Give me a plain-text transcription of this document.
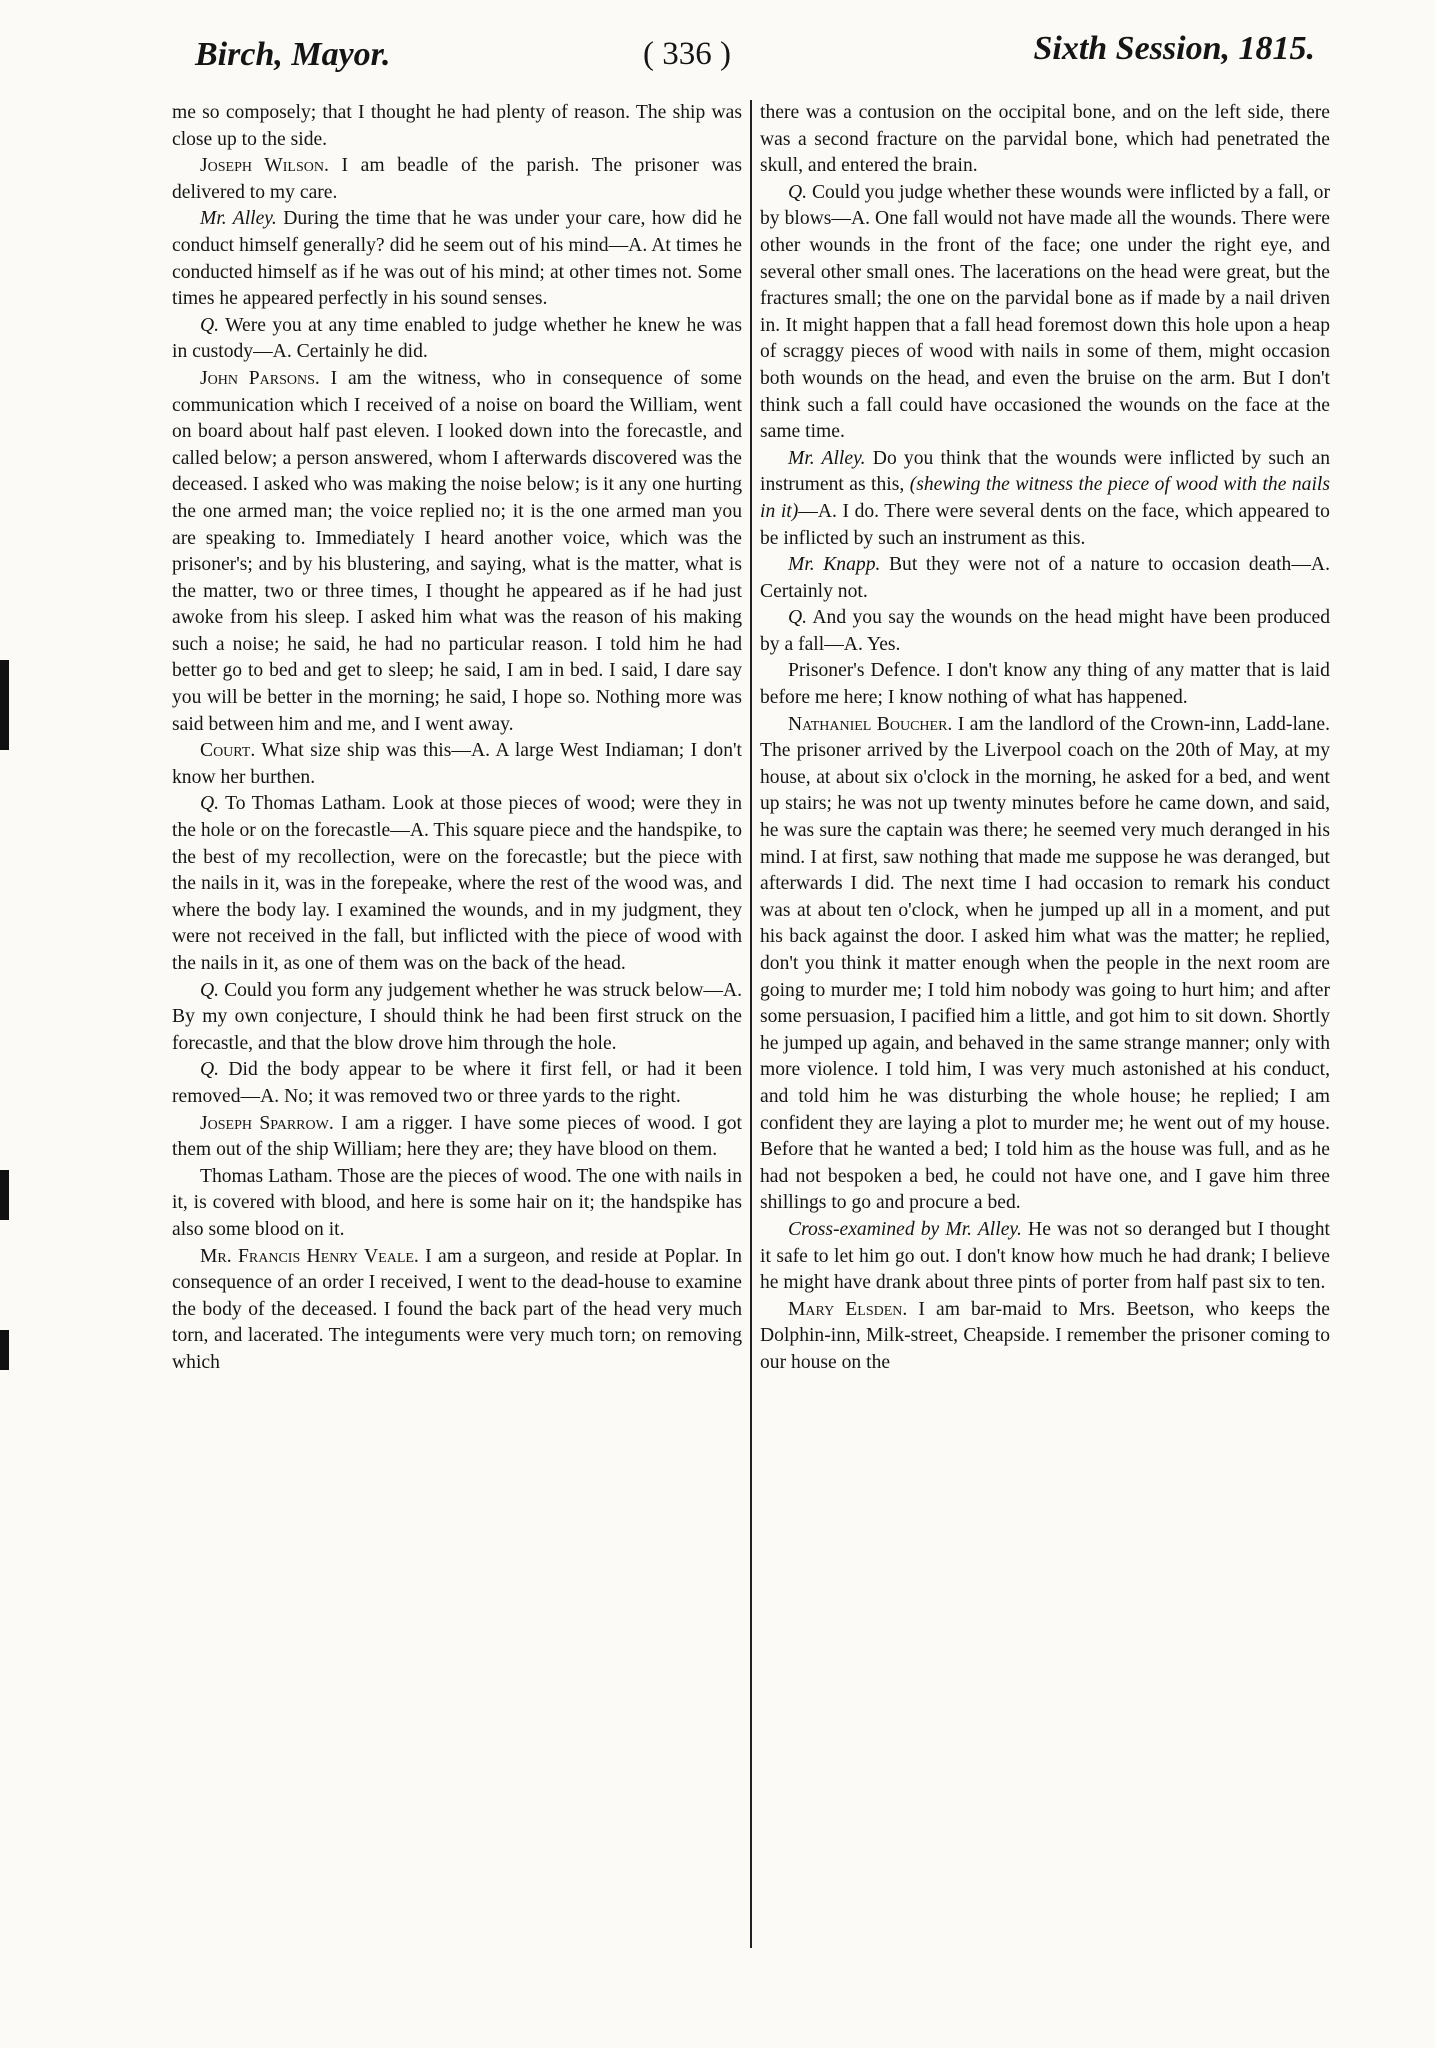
Birch, Mayor.	( 336 )	Sixth Session, 1815.

me so composely; that I thought he had plenty of reason. The ship was close up to the side.

Joseph Wilson. I am beadle of the parish. The prisoner was delivered to my care.

Mr. Alley. During the time that he was under your care, how did he conduct himself generally? did he seem out of his mind—A. At times he conducted himself as if he was out of his mind; at other times not. Some times he appeared perfectly in his sound senses.

Q. Were you at any time enabled to judge whether he knew he was in custody—A. Certainly he did.

John Parsons. I am the witness, who in consequence of some communication which I received of a noise on board the William, went on board about half past eleven. I looked down into the forecastle, and called below; a person answered, whom I afterwards discovered was the deceased. I asked who was making the noise below; is it any one hurting the one armed man; the voice replied no; it is the one armed man you are speaking to. Immediately I heard another voice, which was the prisoner's; and by his blustering, and saying, what is the matter, what is the matter, two or three times, I thought he appeared as if he had just awoke from his sleep. I asked him what was the reason of his making such a noise; he said, he had no particular reason. I told him he had better go to bed and get to sleep; he said, I am in bed. I said, I dare say you will be better in the morning; he said, I hope so. Nothing more was said between him and me, and I went away.

Court. What size ship was this—A. A large West Indiaman; I don't know her burthen.

Q. To Thomas Latham. Look at those pieces of wood; were they in the hole or on the forecastle—A. This square piece and the handspike, to the best of my recollection, were on the forecastle; but the piece with the nails in it, was in the forepeake, where the rest of the wood was, and where the body lay. I examined the wounds, and in my judgment, they were not received in the fall, but inflicted with the piece of wood with the nails in it, as one of them was on the back of the head.

Q. Could you form any judgement whether he was struck below—A. By my own conjecture, I should think he had been first struck on the forecastle, and that the blow drove him through the hole.

Q. Did the body appear to be where it first fell, or had it been removed—A. No; it was removed two or three yards to the right.

Joseph Sparrow. I am a rigger. I have some pieces of wood. I got them out of the ship William; here they are; they have blood on them.

Thomas Latham. Those are the pieces of wood. The one with nails in it, is covered with blood, and here is some hair on it; the handspike has also some blood on it.

Mr. Francis Henry Veale. I am a surgeon, and reside at Poplar. In consequence of an order I received, I went to the dead-house to examine the body of the deceased. I found the back part of the head very much torn, and lacerated. The integuments were very much torn; on removing which

there was a contusion on the occipital bone, and on the left side, there was a second fracture on the parvidal bone, which had penetrated the skull, and entered the brain.

Q. Could you judge whether these wounds were inflicted by a fall, or by blows—A. One fall would not have made all the wounds. There were other wounds in the front of the face; one under the right eye, and several other small ones. The lacerations on the head were great, but the fractures small; the one on the parvidal bone as if made by a nail driven in. It might happen that a fall head foremost down this hole upon a heap of scraggy pieces of wood with nails in some of them, might occasion both wounds on the head, and even the bruise on the arm. But I don't think such a fall could have occasioned the wounds on the face at the same time.

Mr. Alley. Do you think that the wounds were inflicted by such an instrument as this, (shewing the witness the piece of wood with the nails in it)—A. I do. There were several dents on the face, which appeared to be inflicted by such an instrument as this.

Mr. Knapp. But they were not of a nature to occasion death—A. Certainly not.

Q. And you say the wounds on the head might have been produced by a fall—A. Yes.

Prisoner's Defence. I don't know any thing of any matter that is laid before me here; I know nothing of what has happened.

Nathaniel Boucher. I am the landlord of the Crown-inn, Ladd-lane. The prisoner arrived by the Liverpool coach on the 20th of May, at my house, at about six o'clock in the morning, he asked for a bed, and went up stairs; he was not up twenty minutes before he came down, and said, he was sure the captain was there; he seemed very much deranged in his mind. I at first, saw nothing that made me suppose he was deranged, but afterwards I did. The next time I had occasion to remark his conduct was at about ten o'clock, when he jumped up all in a moment, and put his back against the door. I asked him what was the matter; he replied, don't you think it matter enough when the people in the next room are going to murder me; I told him nobody was going to hurt him; and after some persuasion, I pacified him a little, and got him to sit down. Shortly he jumped up again, and behaved in the same strange manner; only with more violence. I told him, I was very much astonished at his conduct, and told him he was disturbing the whole house; he replied; I am confident they are laying a plot to murder me; he went out of my house. Before that he wanted a bed; I told him as the house was full, and as he had not bespoken a bed, he could not have one, and I gave him three shillings to go and procure a bed.

Cross-examined by Mr. Alley. He was not so deranged but I thought it safe to let him go out. I don't know how much he had drank; I believe he might have drank about three pints of porter from half past six to ten.

Mary Elsden. I am bar-maid to Mrs. Beetson, who keeps the Dolphin-inn, Milk-street, Cheapside. I remember the prisoner coming to our house on the
